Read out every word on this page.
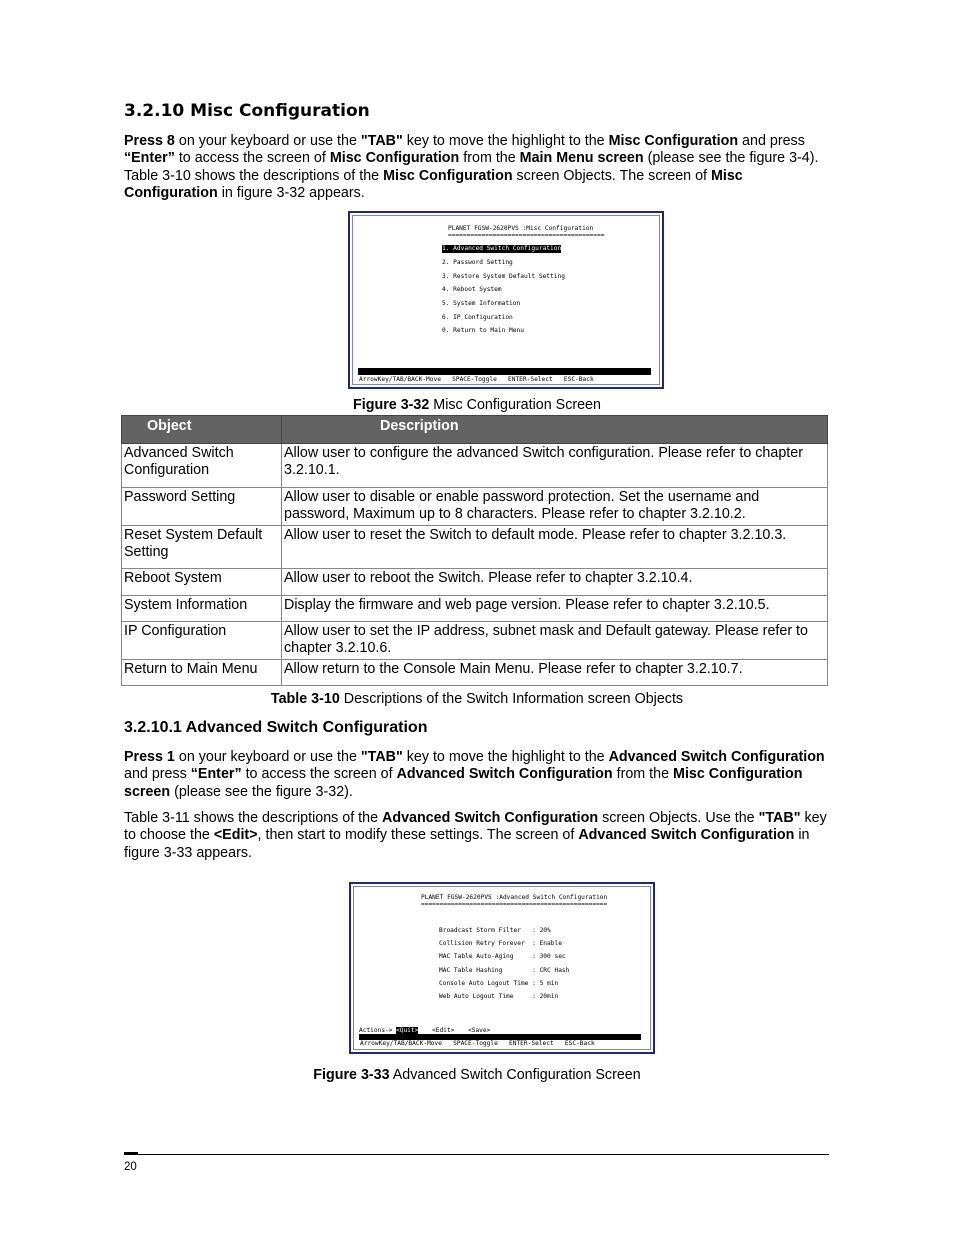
3.2.10 Misc Configuration

Press 8 on your keyboard or use the "TAB" key to move the highlight to the Misc Configuration and press “Enter” to access the screen of Misc Configuration from the Main Menu screen (please see the figure 3-4). Table 3-10 shows the descriptions of the Misc Configuration screen Objects. The screen of Misc Configuration in figure 3-32 appears.

PLANET FGSW-2620PVS :Misc Configuration
==========================================
1. Advanced Switch Configuration
2. Password Setting
3. Restore System Default Setting
4. Reboot System
5. System Information
6. IP Configuration
0. Return to Main Menu
ArrowKey/TAB/BACK-Move   SPACE-Toggle   ENTER-Select   ESC-Back
Figure 3-32 Misc Configuration Screen
Object	Description

Advanced Switch Configuration	Allow user to configure the advanced Switch configuration. Please refer to chapter 3.2.10.1.
Password Setting	Allow user to disable or enable password protection. Set the username and password, Maximum up to 8 characters. Please refer to chapter 3.2.10.2.
Reset System Default Setting	Allow user to reset the Switch to default mode. Please refer to chapter 3.2.10.3.
Reboot System	Allow user to reboot the Switch. Please refer to chapter 3.2.10.4.
System Information	Display the firmware and web page version. Please refer to chapter 3.2.10.5.
IP Configuration	Allow user to set the IP address, subnet mask and Default gateway. Please refer to chapter 3.2.10.6.
Return to Main Menu	Allow return to the Console Main Menu. Please refer to chapter 3.2.10.7.
Table 3-10 Descriptions of the Switch Information screen Objects
3.2.10.1 Advanced Switch Configuration

Press 1 on your keyboard or use the "TAB" key to move the highlight to the Advanced Switch Configuration and press “Enter” to access the screen of Advanced Switch Configuration from the Misc Configuration screen (please see the figure 3-32).

Table 3-11 shows the descriptions of the Advanced Switch Configuration screen Objects. Use the "TAB" key to choose the <Edit>, then start to modify these settings. The screen of Advanced Switch Configuration in figure 3-33 appears.

PLANET FGSW-2620PVS :Advanced Switch Configuration
==================================================
Broadcast Storm Filter   : 20%
Collision Retry Forever  : Enable
MAC Table Auto-Aging     : 300 sec
MAC Table Hashing        : CRC Hash
Console Auto Logout Time : 5 min
Web Auto Logout Time     : 20min
Actions-> <Quit> <Edit> <Save>
ArrowKey/TAB/BACK-Move   SPACE-Toggle   ENTER-Select   ESC-Back
Figure 3-33 Advanced Switch Configuration Screen
20
